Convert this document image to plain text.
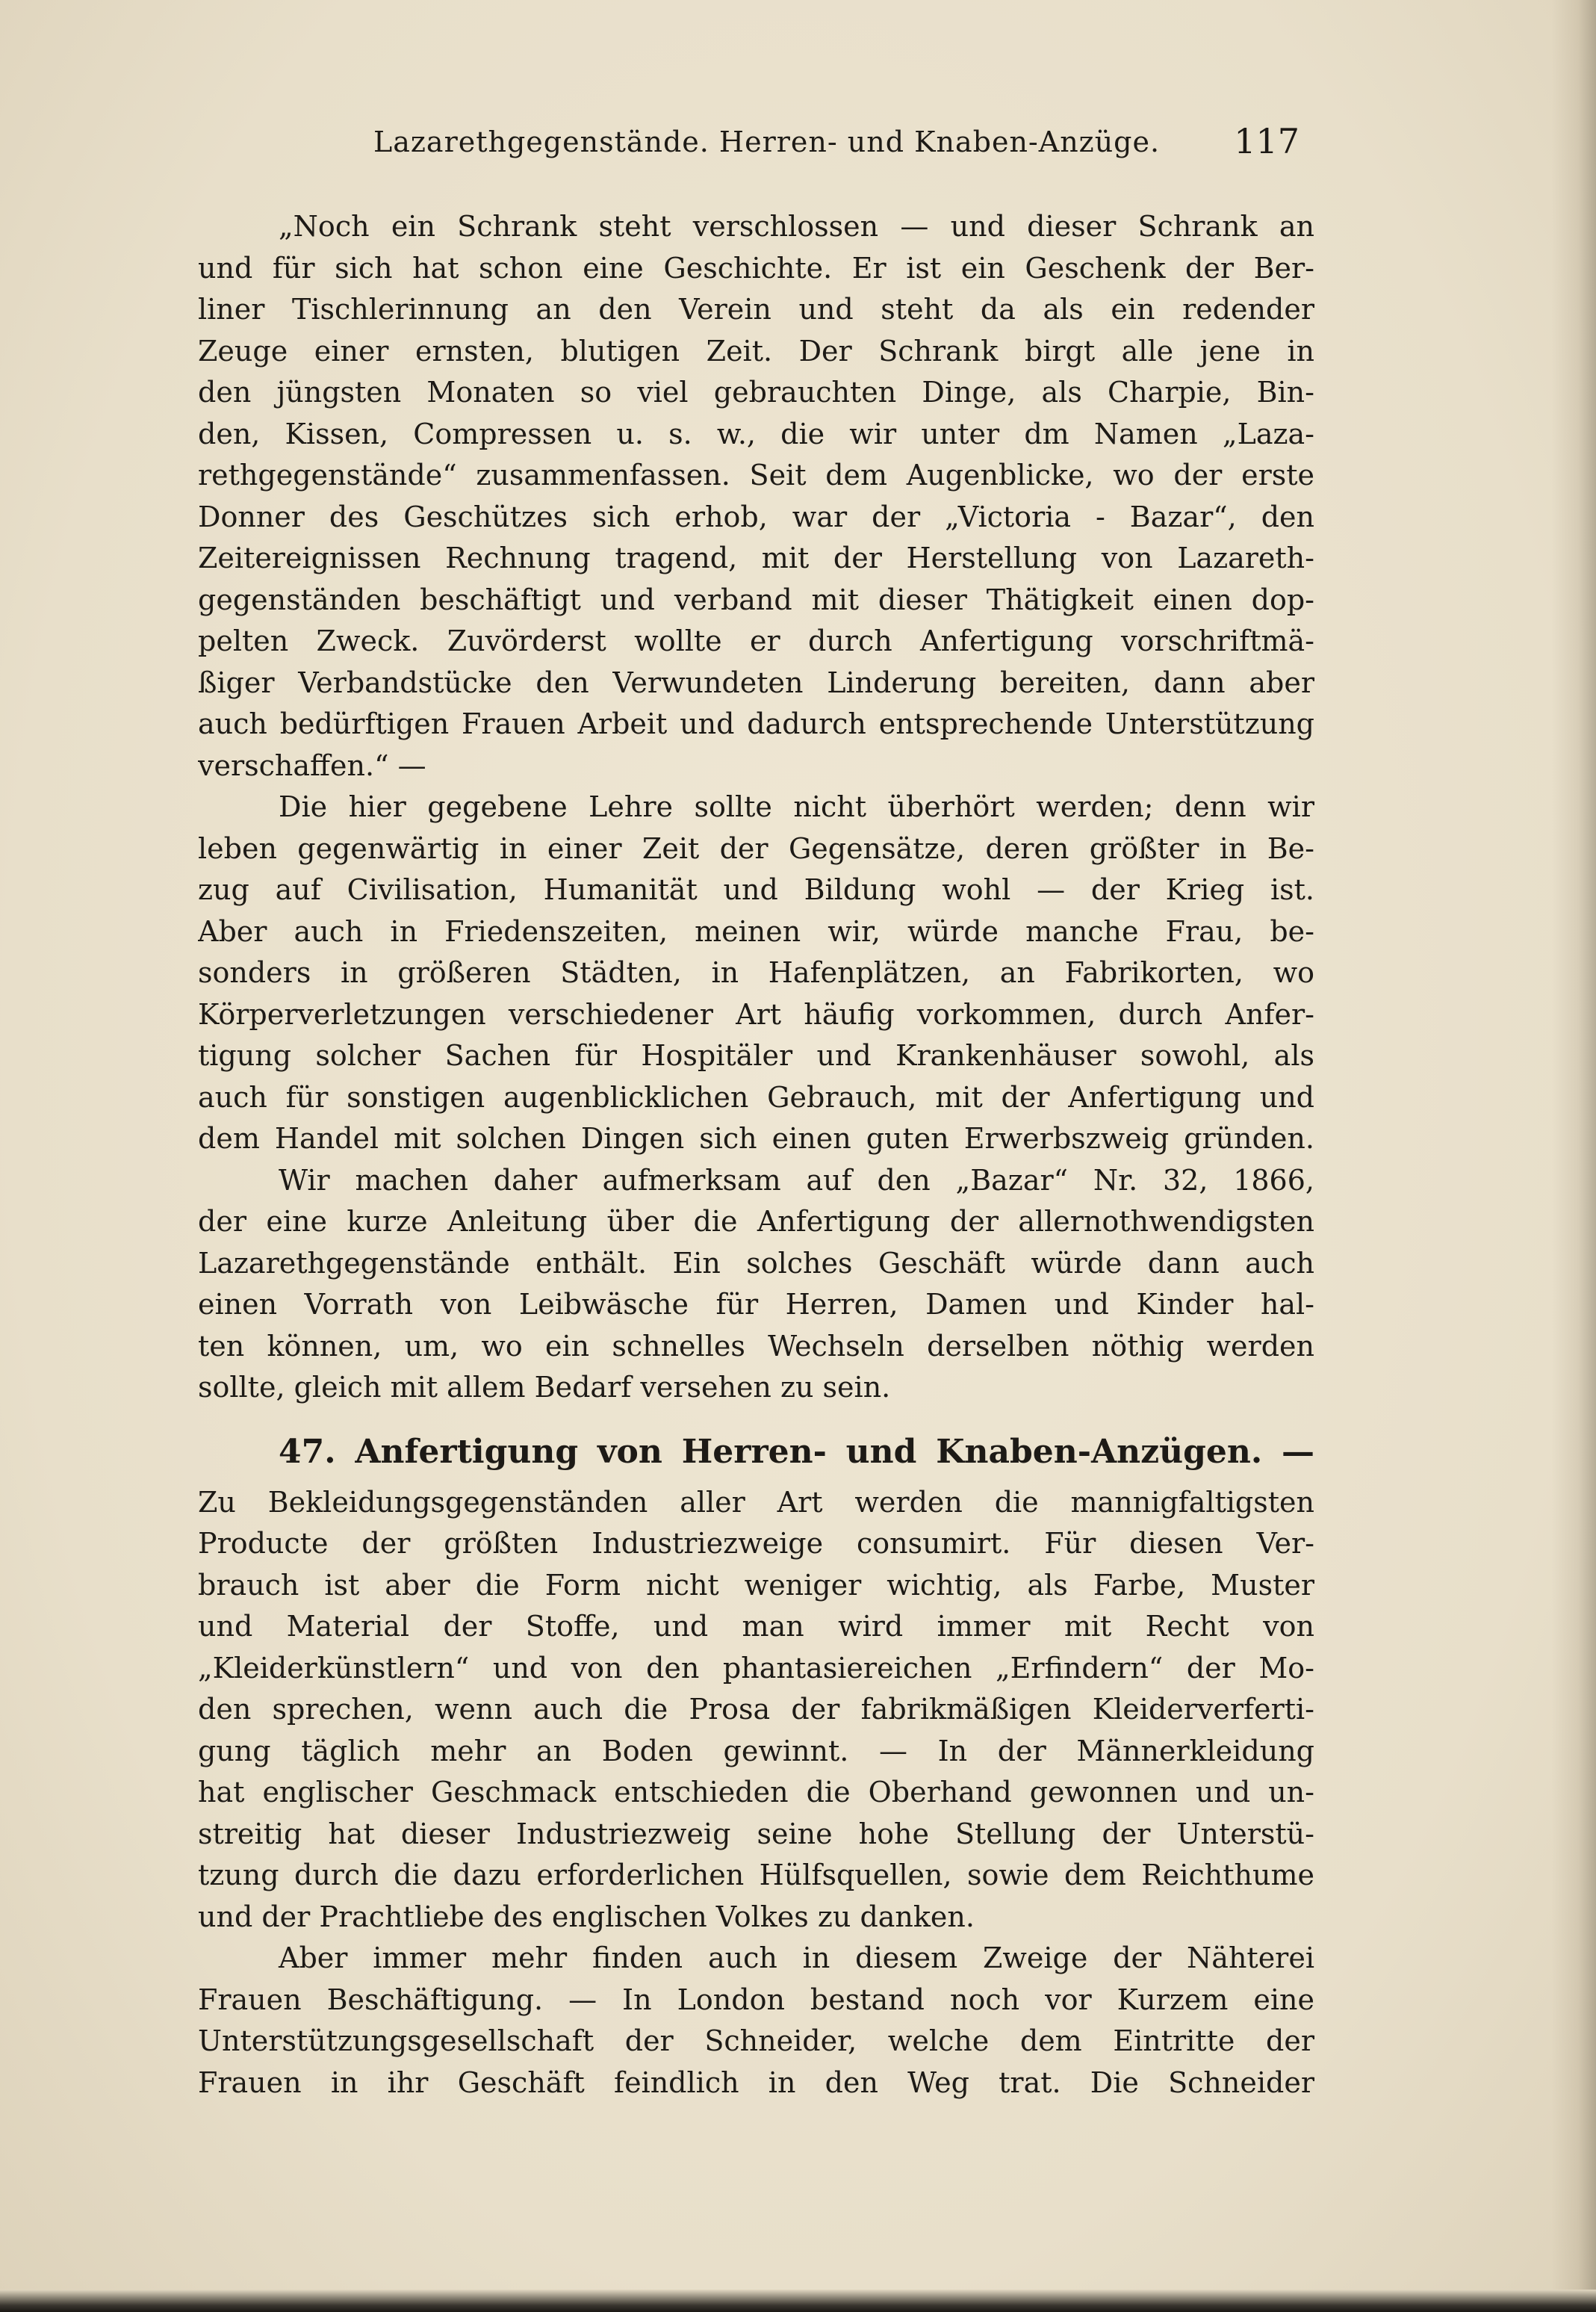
Lazarethgegenstände. Herren- und Knaben-Anzüge. 117
„Noch ein Schrank steht verschlossen — und dieser Schrank an
und für sich hat schon eine Geschichte. Er ist ein Geschenk der Ber-
liner Tischlerinnung an den Verein und steht da als ein redender
Zeuge einer ernsten, blutigen Zeit. Der Schrank birgt alle jene in
den jüngsten Monaten so viel gebrauchten Dinge, als Charpie, Bin-
den, Kissen, Compressen u. s. w., die wir unter dm Namen „Laza-
rethgegenstände“ zusammenfassen. Seit dem Augenblicke, wo der erste
Donner des Geschützes sich erhob, war der „Victoria - Bazar“, den
Zeitereignissen Rechnung tragend, mit der Herstellung von Lazareth-
gegenständen beschäftigt und verband mit dieser Thätigkeit einen dop-
pelten Zweck. Zuvörderst wollte er durch Anfertigung vorschriftmä-
ßiger Verbandstücke den Verwundeten Linderung bereiten, dann aber
auch bedürftigen Frauen Arbeit und dadurch entsprechende Unterstützung
verschaffen.“ —
Die hier gegebene Lehre sollte nicht überhört werden; denn wir
leben gegenwärtig in einer Zeit der Gegensätze, deren größter in Be-
zug auf Civilisation, Humanität und Bildung wohl — der Krieg ist.
Aber auch in Friedenszeiten, meinen wir, würde manche Frau, be-
sonders in größeren Städten, in Hafenplätzen, an Fabrikorten, wo
Körperverletzungen verschiedener Art häufig vorkommen, durch Anfer-
tigung solcher Sachen für Hospitäler und Krankenhäuser sowohl, als
auch für sonstigen augenblicklichen Gebrauch, mit der Anfertigung und
dem Handel mit solchen Dingen sich einen guten Erwerbszweig gründen.
Wir machen daher aufmerksam auf den „Bazar“ Nr. 32, 1866,
der eine kurze Anleitung über die Anfertigung der allernothwendigsten
Lazarethgegenstände enthält. Ein solches Geschäft würde dann auch
einen Vorrath von Leibwäsche für Herren, Damen und Kinder hal-
ten können, um, wo ein schnelles Wechseln derselben nöthig werden
sollte, gleich mit allem Bedarf versehen zu sein.
47. Anfertigung von Herren- und Knaben-Anzügen. —
Zu Bekleidungsgegenständen aller Art werden die mannigfaltigsten
Producte der größten Industriezweige consumirt. Für diesen Ver-
brauch ist aber die Form nicht weniger wichtig, als Farbe, Muster
und Material der Stoffe, und man wird immer mit Recht von
„Kleiderkünstlern“ und von den phantasiereichen „Erfindern“ der Mo-
den sprechen, wenn auch die Prosa der fabrikmäßigen Kleiderverferti-
gung täglich mehr an Boden gewinnt. — In der Männerkleidung
hat englischer Geschmack entschieden die Oberhand gewonnen und un-
streitig hat dieser Industriezweig seine hohe Stellung der Unterstü-
tzung durch die dazu erforderlichen Hülfsquellen, sowie dem Reichthume
und der Prachtliebe des englischen Volkes zu danken.
Aber immer mehr finden auch in diesem Zweige der Nähterei
Frauen Beschäftigung. — In London bestand noch vor Kurzem eine
Unterstützungsgesellschaft der Schneider, welche dem Eintritte der
Frauen in ihr Geschäft feindlich in den Weg trat. Die Schneider
